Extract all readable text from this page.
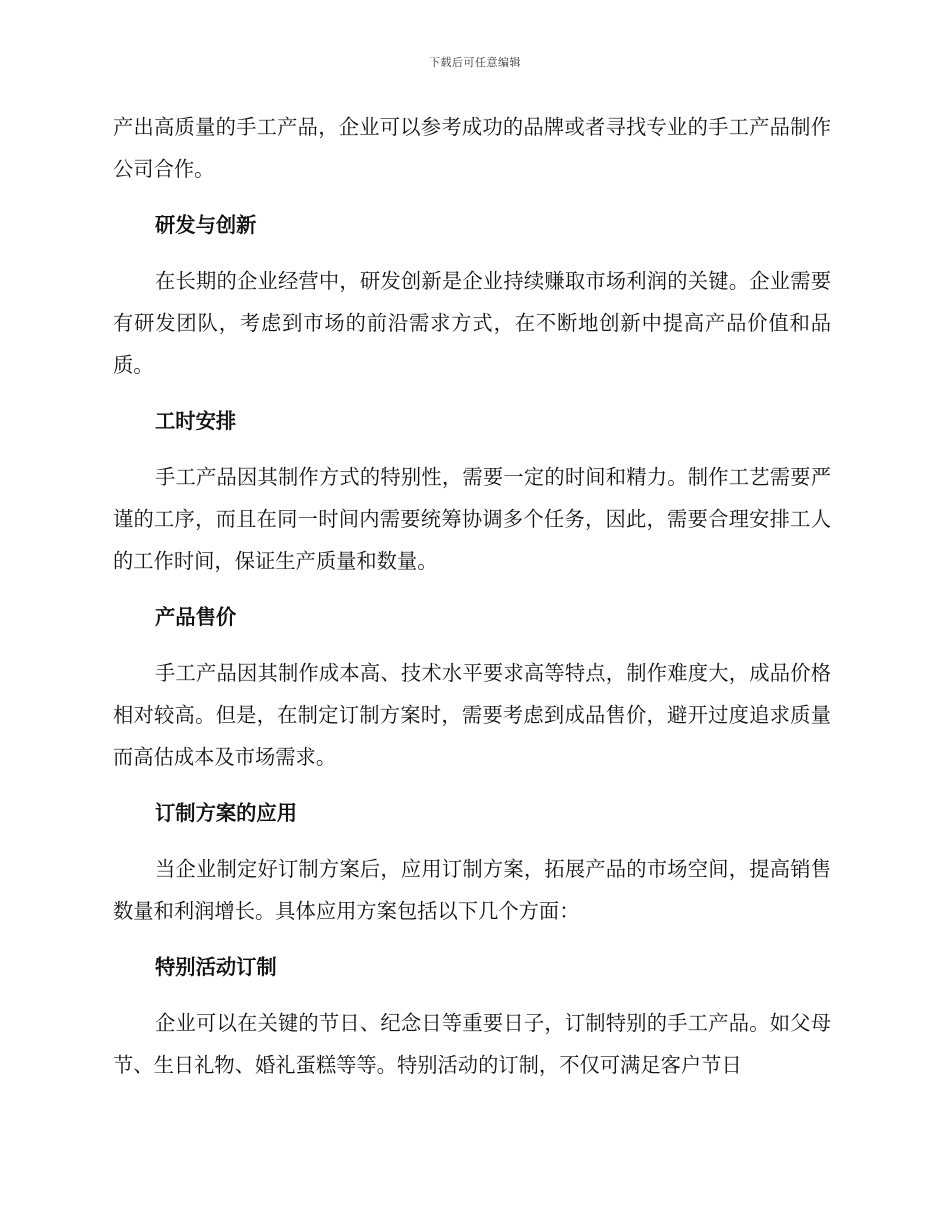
下载后可任意编辑

产出高质量的手工产品，企业可以参考成功的品牌或者寻找专业的手工产品制作公司合作。

研发与创新

在长期的企业经营中，研发创新是企业持续赚取市场利润的关键。企业需要有研发团队，考虑到市场的前沿需求方式，在不断地创新中提高产品价值和品质。

工时安排

手工产品因其制作方式的特别性，需要一定的时间和精力。制作工艺需要严谨的工序，而且在同一时间内需要统筹协调多个任务，因此，需要合理安排工人的工作时间，保证生产质量和数量。

产品售价

手工产品因其制作成本高、技术水平要求高等特点，制作难度大，成品价格相对较高。但是，在制定订制方案时，需要考虑到成品售价，避开过度追求质量而高估成本及市场需求。

订制方案的应用

当企业制定好订制方案后，应用订制方案，拓展产品的市场空间，提高销售数量和利润增长。具体应用方案包括以下几个方面：

特别活动订制

企业可以在关键的节日、纪念日等重要日子，订制特别的手工产品。如父母节、生日礼物、婚礼蛋糕等等。特别活动的订制，不仅可满足客户节日
